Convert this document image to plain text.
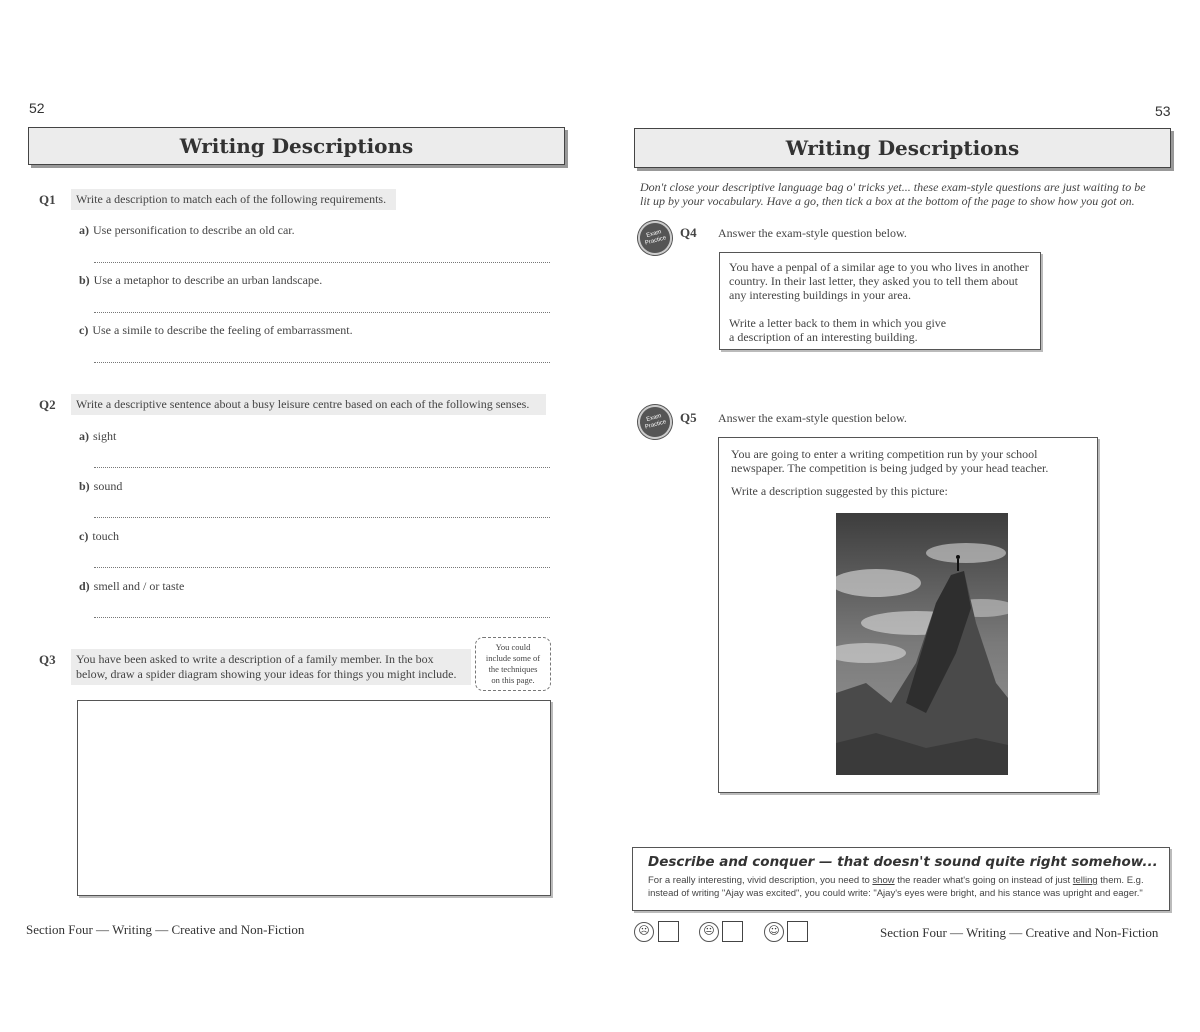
52
Writing Descriptions
Q1	Write a description to match each of the following requirements.
a) Use personification to describe an old car.
b) Use a metaphor to describe an urban landscape.
c) Use a simile to describe the feeling of embarrassment.
Q2	Write a descriptive sentence about a busy leisure centre based on each of the following senses.
a) sight
b) sound
c) touch
d) smell and / or taste
Q3 You have been asked to write a description of a family member. In the box
below, draw a spider diagram showing your ideas for things you might include.
You could
include some of
the techniques
on this page.
Section Four — Writing — Creative and Non-Fiction
53
Writing Descriptions
Don't close your descriptive language bag o' tricks yet... these exam-style questions are just waiting to be
lit up by your vocabulary. Have a go, then tick a box at the bottom of the page to show how you got on.
Exam Practice
Q4 Answer the exam-style question below.
You have a penpal of a similar age to you who lives in another
country. In their last letter, they asked you to tell them about
any interesting buildings in your area.
Write a letter back to them in which you give
a description of an interesting building.
Exam Practice Q5 Answer the exam-style question below.
You are going to enter a writing competition run by your school
newspaper. The competition is being judged by your head teacher.
Write a description suggested by this picture:
Describe and conquer — that doesn't sound quite right somehow...
For a really interesting, vivid description, you need to show the reader what's going on instead of just telling them. E.g.
instead of writing "Ajay was excited", you could write: "Ajay's eyes were bright, and his stance was upright and eager."
☹	😐	☺	Section Four — Writing — Creative and Non-Fiction
